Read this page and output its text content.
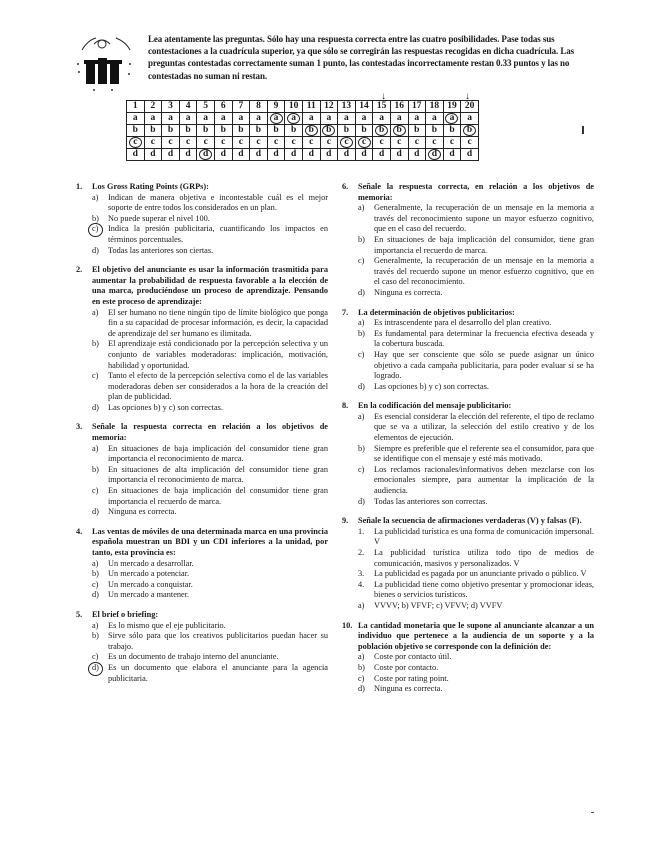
Lea atentamente las preguntas. Sólo hay una respuesta correcta entre las cuatro posibilidades. Pase todas sus contestaciones a la cuadrícula superior, ya que sólo se corregirán las respuestas recogidas en dicha cuadrícula. Las preguntas contestadas correctamente suman 1 punto, las contestadas incorrectamente restan 0.33 puntos y las no contestadas no suman ni restan.
↓	↓
1	2	3	4	5	6	7	8	9	10	11	12	13	14	15	16	17	18	19	20
a	a	a	a	a	a	a	a	a	a	a	a	a	a	a	a	a	a	a	a
b	b	b	b	b	b	b	b	b	b	b	b	b	b	b	b	b	b	b	b
c	c	c	c	c	c	c	c	c	c	c	c	c	c	c	c	c	c	c	c
d	d	d	d	d	d	d	d	d	d	d	d	d	d	d	d	d	d	d	d
1.	Los Gross Rating Points (GRPs):
a)	Indican de manera objetiva e incontestable cuál es el mejor soporte de entre todos los considerados en un plan.
b)	No puede superar el nivel 100.
c)	Indica la presión publicitaria, cuantificando los impactos en términos porcentuales.
d)	Todas las anteriores son ciertas.
2.	El objetivo del anunciante es usar la información trasmitida para aumentar la probabilidad de respuesta favorable a la elección de una marca, produciéndose un proceso de aprendizaje. Pensando en este proceso de aprendizaje:
a)	El ser humano no tiene ningún tipo de límite biológico que ponga fin a su capacidad de procesar información, es decir, la capacidad de aprendizaje del ser humano es ilimitada.
b)	El aprendizaje está condicionado por la percepción selectiva y un conjunto de variables moderadoras: implicación, motivación, habilidad y oportunidad.
c)	Tanto el efecto de la percepción selectiva como el de las variables moderadoras deben ser considerados a la hora de la creación del plan de publicidad.
d)	Las opciones b) y c) son correctas.
3.	Señale la respuesta correcta en relación a los objetivos de memoria:
a)	En situaciones de baja implicación del consumidor tiene gran importancia el reconocimiento de marca.
b)	En situaciones de alta implicación del consumidor tiene gran importancia el reconocimiento de marca.
c)	En situaciones de baja implicación del consumidor tiene gran importancia el recuerdo de marca.
d)	Ninguna es correcta.
4.	Las ventas de móviles de una determinada marca en una provincia española muestran un BDI y un CDI inferiores a la unidad, por tanto, esta provincia es:
a)	Un mercado a desarrollar.
b)	Un mercado a potenciar.
c)	Un mercado a conquistar.
d)	Un mercado a mantener.
5.	El brief o briefing:
a)	Es lo mismo que el eje publicitario.
b)	Sirve sólo para que los creativos publicitarios puedan hacer su trabajo.
c)	Es un documento de trabajo interno del anunciante.
d)	Es un documento que elabora el anunciante para la agencia publicitaria.
6.	Señale la respuesta correcta, en relación a los objetivos de memoria:
a)	Generalmente, la recuperación de un mensaje en la memoria a través del reconocimiento supone un mayor esfuerzo cognitivo, que en el caso del recuerdo.
b)	En situaciones de baja implicación del consumidor, tiene gran importancia el recuerdo de marca.
c)	Generalmente, la recuperación de un mensaje en la memoria a través del recuerdo supone un menor esfuerzo cognitivo, que en el caso del reconocimiento.
d)	Ninguna es correcta.
7.	La determinación de objetivos publicitarios:
a)	Es intrascendente para el desarrollo del plan creativo.
b)	Es fundamental para determinar la frecuencia efectiva deseada y la cobertura buscada.
c)	Hay que ser consciente que sólo se puede asignar un único objetivo a cada campaña publicitaria, para poder evaluar si se ha logrado.
d)	Las opciones b) y c) son correctas.
8.	En la codificación del mensaje publicitario:
a)	Es esencial considerar la elección del referente, el tipo de reclamo que se va a utilizar, la selección del estilo creativo y de los elementos de ejecución.
b)	Siempre es preferible que el referente sea el consumidor, para que se identifique con el mensaje y esté más motivado.
c)	Los reclamos racionales/informativos deben mezclarse con los emocionales siempre, para aumentar la implicación de la audiencia.
d)	Todas las anteriores son correctas.
9.	Señale la secuencia de afirmaciones verdaderas (V) y falsas (F).
1.	La publicidad turística es una forma de comunicación impersonal. V
2.	La publicidad turística utiliza todo tipo de medios de comunicación, masivos y personalizados. V
3.	La publicidad es pagada por un anunciante privado o público. V
4.	La publicidad tiene como objetivo presentar y promocionar ideas, bienes o servicios turísticos.
a)	VVVV; b) VFVF; c) VFVV; d) VVFV
10. La cantidad monetaria que le supone al anunciante alcanzar a un individuo que pertenece a la audiencia de un soporte y a la población objetivo se corresponde con la definición de:
a)	Coste por contacto útil.
b)	Coste por contacto.
c)	Coste por rating point.
d)	Ninguna es correcta.
